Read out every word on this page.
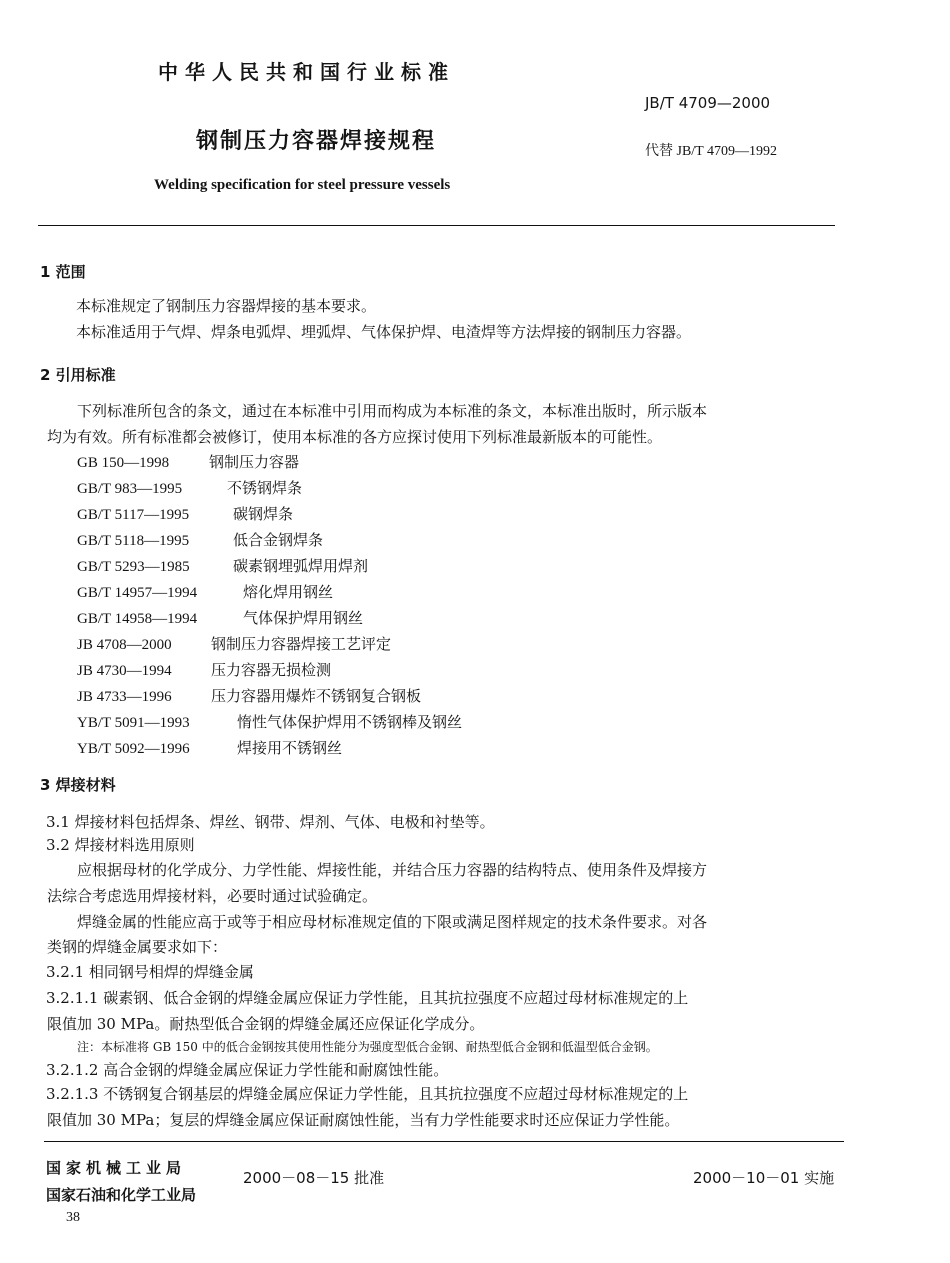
中华人民共和国行业标准
JB/T 4709—2000
钢制压力容器焊接规程	代替 JB/T 4709—1992
Welding specification for steel pressure vessels
1 范围
本标准规定了钢制压力容器焊接的基本要求。
本标准适用于气焊、焊条电弧焊、埋弧焊、气体保护焊、电渣焊等方法焊接的钢制压力容器。
2 引用标准
下列标准所包含的条文，通过在本标准中引用而构成为本标准的条文，本标准出版时，所示版本
均为有效。所有标准都会被修订，使用本标准的各方应探讨使用下列标准最新版本的可能性。
GB 150—1998	钢制压力容器
GB/T 983—1995	不锈钢焊条
GB/T 5117—1995	碳钢焊条
GB/T 5118—1995	低合金钢焊条
GB/T 5293—1985	碳素钢埋弧焊用焊剂
GB/T 14957—1994	熔化焊用钢丝
GB/T 14958—1994	气体保护焊用钢丝
JB 4708—2000	钢制压力容器焊接工艺评定
JB 4730—1994	压力容器无损检测
JB 4733—1996	压力容器用爆炸不锈钢复合钢板
YB/T 5091—1993	惰性气体保护焊用不锈钢棒及钢丝
YB/T 5092—1996	焊接用不锈钢丝
3 焊接材料
3.1 焊接材料包括焊条、焊丝、钢带、焊剂、气体、电极和衬垫等。
3.2 焊接材料选用原则
应根据母材的化学成分、力学性能、焊接性能，并结合压力容器的结构特点、使用条件及焊接方
法综合考虑选用焊接材料，必要时通过试验确定。
焊缝金属的性能应高于或等于相应母材标准规定值的下限或满足图样规定的技术条件要求。对各
类钢的焊缝金属要求如下：
3.2.1 相同钢号相焊的焊缝金属
3.2.1.1 碳素钢、低合金钢的焊缝金属应保证力学性能，且其抗拉强度不应超过母材标准规定的上
限值加 30 MPa。耐热型低合金钢的焊缝金属还应保证化学成分。
注：本标准将 GB 150 中的低合金钢按其使用性能分为强度型低合金钢、耐热型低合金钢和低温型低合金钢。
3.2.1.2 高合金钢的焊缝金属应保证力学性能和耐腐蚀性能。
3.2.1.3 不锈钢复合钢基层的焊缝金属应保证力学性能，且其抗拉强度不应超过母材标准规定的上
限值加 30 MPa；复层的焊缝金属应保证耐腐蚀性能，当有力学性能要求时还应保证力学性能。
国家机械工业局
国家石油和化学工业局
2000－08－15 批准	2000－10－01 实施
38
